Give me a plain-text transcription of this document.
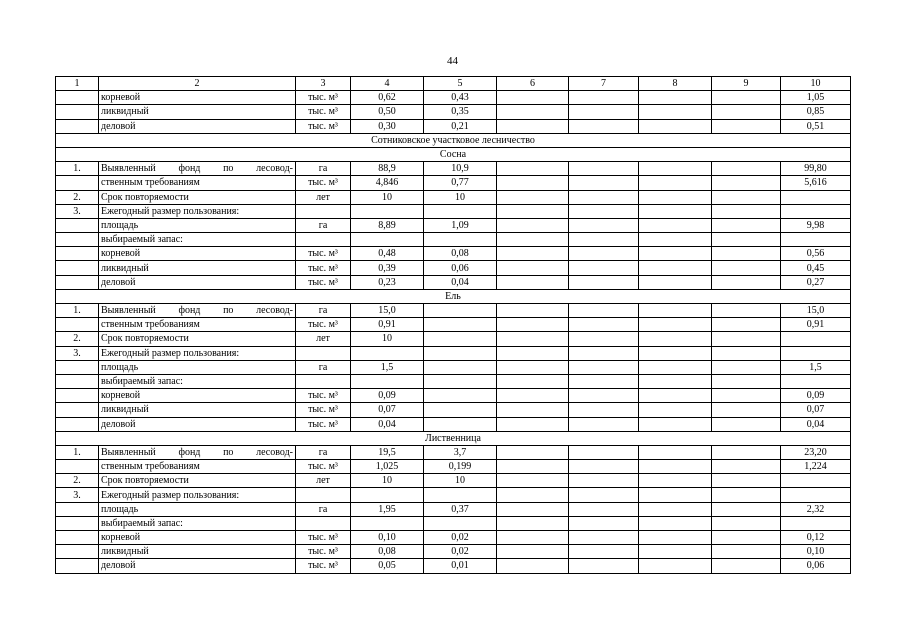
44
1	2	3	4	5	6	7	8	9	10
	корневой	тыс. м³	0,62	0,43					1,05
	ликвидный	тыс. м³	0,50	0,35					0,85
	деловой	тыс. м³	0,30	0,21					0,51
Сотниковское участковое лесничество									
Сосна									
1.	Выявленный фонд по лесовод-	га	88,9	10,9					99,80
	ственным требованиям	тыс. м³	4,846	0,77					5,616
2.	Срок повторяемости	лет	10	10					
3.	Ежегодный размер пользования:								
	площадь	га	8,89	1,09					9,98
	выбираемый запас:								
	корневой	тыс. м³	0,48	0,08					0,56
	ликвидный	тыс. м³	0,39	0,06					0,45
	деловой	тыс. м³	0,23	0,04					0,27
Ель									
1.	Выявленный фонд по лесовод-	га	15,0						15,0
	ственным требованиям	тыс. м³	0,91						0,91
2.	Срок повторяемости	лет	10						
3.	Ежегодный размер пользования:								
	площадь	га	1,5						1,5
	выбираемый запас:								
	корневой	тыс. м³	0,09						0,09
	ликвидный	тыс. м³	0,07						0,07
	деловой	тыс. м³	0,04						0,04
Лиственница									
1.	Выявленный фонд по лесовод-	га	19,5	3,7					23,20
	ственным требованиям	тыс. м³	1,025	0,199					1,224
2.	Срок повторяемости	лет	10	10					
3.	Ежегодный размер пользования:								
	площадь	га	1,95	0,37					2,32
	выбираемый запас:								
	корневой	тыс. м³	0,10	0,02					0,12
	ликвидный	тыс. м³	0,08	0,02					0,10
	деловой	тыс. м³	0,05	0,01					0,06
